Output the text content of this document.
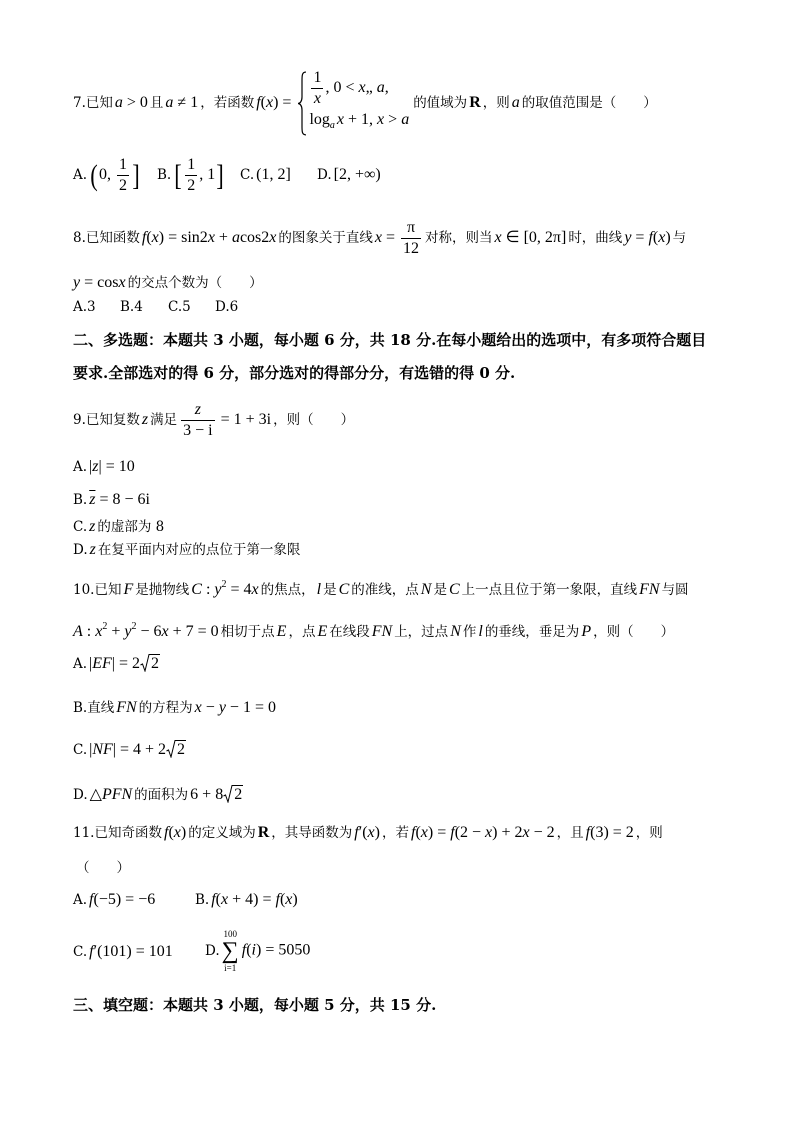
7.已知 a > 0 且 a ≠ 1 ，若函数 $f(x) = \frac{1}{x}$ , 0 < x„ a,
$\log_a x + 1$, x > a
的值域为 R ，则 a 的取值范围是（　　）
A. (0, $\frac{1}{2}$ ] B. [ $\frac{1}{2}$ , 1] C. (1, 2] D. [2, +∞)
8.已知函数 f(x) = sin2x + acos2x 的图象关于直线 $x = \frac{\pi}{12}$ 对称，则当 x ∈ [0, 2π] 时，曲线 y = f(x) 与
y = cosx 的交点个数为（　　）
A.3 B.4 C.5 D.6
二、多选题：本题共 3 小题，每小题 6 分，共 18 分.在每小题给出的选项中，有多项符合题目
要求.全部选对的得 6 分，部分选对的得部分分，有选错的得 0 分.
9.已知复数 z 满足 $\frac{z}{3 - i} = 1 + 3i$ ，则（　　）
A. |z| = 10
B. $\overline{z} = 8 - 6i$
C. z 的虚部为 8
D. z 在复平面内对应的点位于第一象限
10.已知 F 是抛物线 C : $y^2 = 4x$ 的焦点， l 是 C 的准线，点 N 是 C 上一点且位于第一象限，直线 FN 与圆
A : $x^2 + y^2 - 6x + 7 = 0$ 相切于点 E ，点 E 在线段 FN 上，过点 N 作 l 的垂线，垂足为 P ，则（　　）
A. |EF| = 2 2
B.直线 FN 的方程为 x − y − 1 = 0
C. |NF| = 4 + 2 2
D. △PFN 的面积为 6 + 8 2
11.已知奇函数 f(x) 的定义域为 R ，其导函数为 f′(x) ，若 f(x) = f(2 − x) + 2x − 2 ，且 f(3) = 2 ，则
（　　）
A. f(−5) = −6	B. f(x + 4) = f(x)
C. f′(101) = 101 D.
100
∑
i=1
f(i) = 5050
三、填空题：本题共 3 小题，每小题 5 分，共 15 分.
